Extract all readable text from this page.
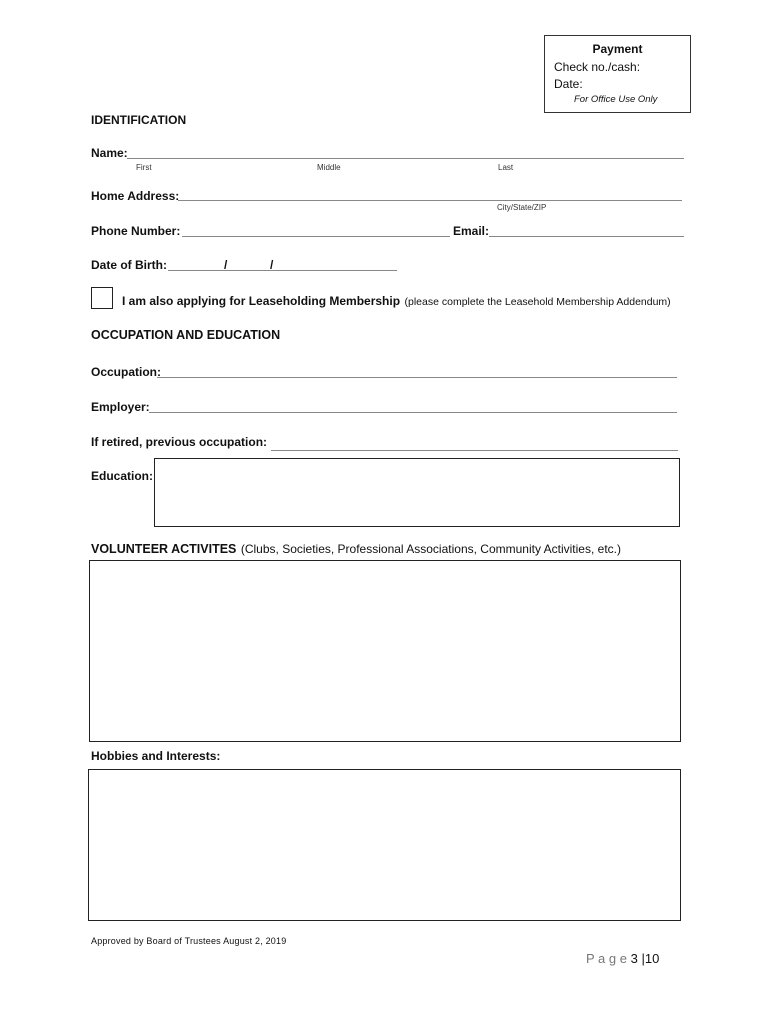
Payment
Check no./cash:
Date:
For Office Use Only
IDENTIFICATION
Name:
First	Middle	Last
Home Address:
City/State/ZIP
Phone Number:	Email:
Date of Birth:	/	/
I am also applying for Leaseholding Membership (please complete the Leasehold Membership Addendum)
OCCUPATION AND EDUCATION
Occupation:
Employer:
If retired, previous occupation:
Education:
VOLUNTEER ACTIVITES (Clubs, Societies, Professional Associations, Community Activities, etc.)
Hobbies and Interests:
Approved by Board of Trustees August 2, 2019
P a g e 3 |10
